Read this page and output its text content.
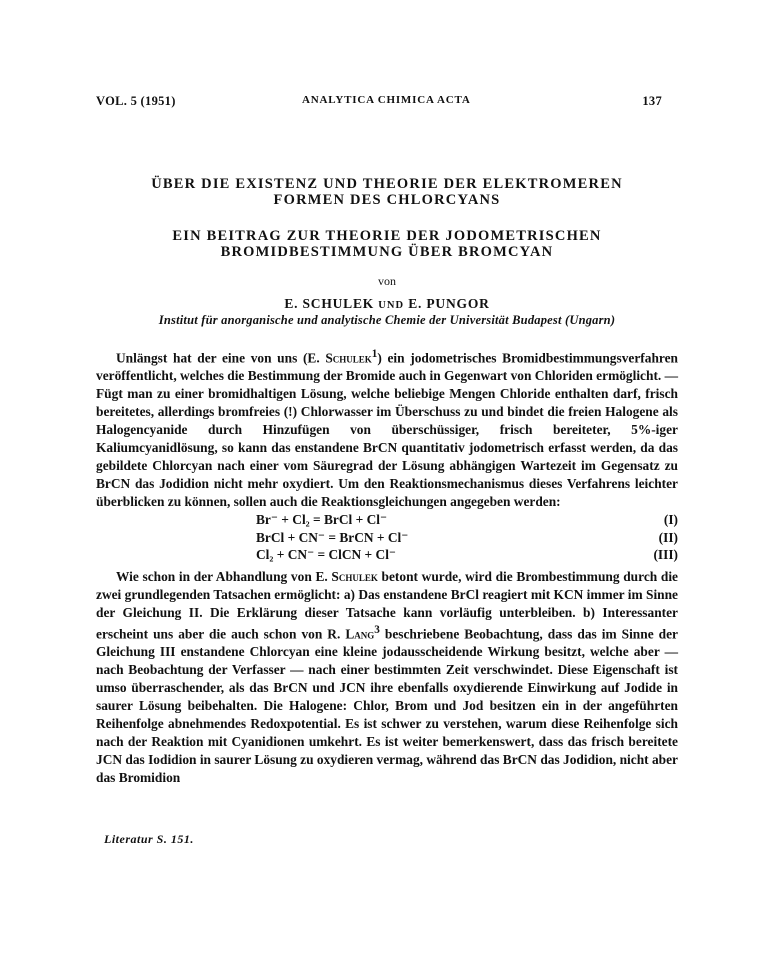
VOL. 5 (1951)	ANALYTICA CHIMICA ACTA	137
ÜBER DIE EXISTENZ UND THEORIE DER ELEKTROMEREN
FORMEN DES CHLORCYANS
EIN BEITRAG ZUR THEORIE DER JODOMETRISCHEN
BROMIDBESTIMMUNG ÜBER BROMCYAN
von
E. SCHULEK UND E. PUNGOR
Institut für anorganische und analytische Chemie der Universität Budapest (Ungarn)

Unlängst hat der eine von uns (E. Schulek$^1$) ein jodometrisches Bromidbestimmungsverfahren veröffentlicht, welches die Bestimmung der Bromide auch in Gegenwart von Chloriden ermöglicht. — Fügt man zu einer bromidhaltigen Lösung, welche beliebige Mengen Chloride enthalten darf, frisch bereitetes, allerdings bromfreies (!) Chlorwasser im Überschuss zu und bindet die freien Halogene als Halogencyanide durch Hinzufügen von überschüssiger, frisch bereiteter, 5%-iger Kaliumcyanidlösung, so kann das enstandene BrCN quantitativ jodometrisch erfasst werden, da das gebildete Chlorcyan nach einer vom Säuregrad der Lösung abhängigen Wartezeit im Gegensatz zu BrCN das Jodidion nicht mehr oxydiert. Um den Reaktionsmechanismus dieses Verfahrens leichter überblicken zu können, sollen auch die Reaktionsgleichungen angegeben werden:

Br⁻ + Cl₂ = BrCl + Cl⁻	(I)
BrCl + CN⁻ = BrCN + Cl⁻	(II)
Cl₂ + CN⁻ = ClCN + Cl⁻	(III)

Wie schon in der Abhandlung von E. Schulek betont wurde, wird die Brombestimmung durch die zwei grundlegenden Tatsachen ermöglicht: a) Das enstandene BrCl reagiert mit KCN immer im Sinne der Gleichung II. Die Erklärung dieser Tatsache kann vorläufig unterbleiben. b) Interessanter erscheint uns aber die auch schon von R. Lang$^3$ beschriebene Beobachtung, dass das im Sinne der Gleichung III enstandene Chlorcyan eine kleine jodausscheidende Wirkung besitzt, welche aber — nach Beobachtung der Verfasser — nach einer bestimmten Zeit verschwindet. Diese Eigenschaft ist umso überraschender, als das BrCN und JCN ihre ebenfalls oxydierende Einwirkung auf Jodide in saurer Lösung beibehalten. Die Halogene: Chlor, Brom und Jod besitzen ein in der angeführten Reihenfolge abnehmendes Redoxpotential. Es ist schwer zu verstehen, warum diese Reihenfolge sich nach der Reaktion mit Cyanidionen umkehrt. Es ist weiter bemerkenswert, dass das frisch bereitete JCN das Iodidion in saurer Lösung zu oxydieren vermag, während das BrCN das Jodidion, nicht aber das Bromidion

Literatur S. 151.
